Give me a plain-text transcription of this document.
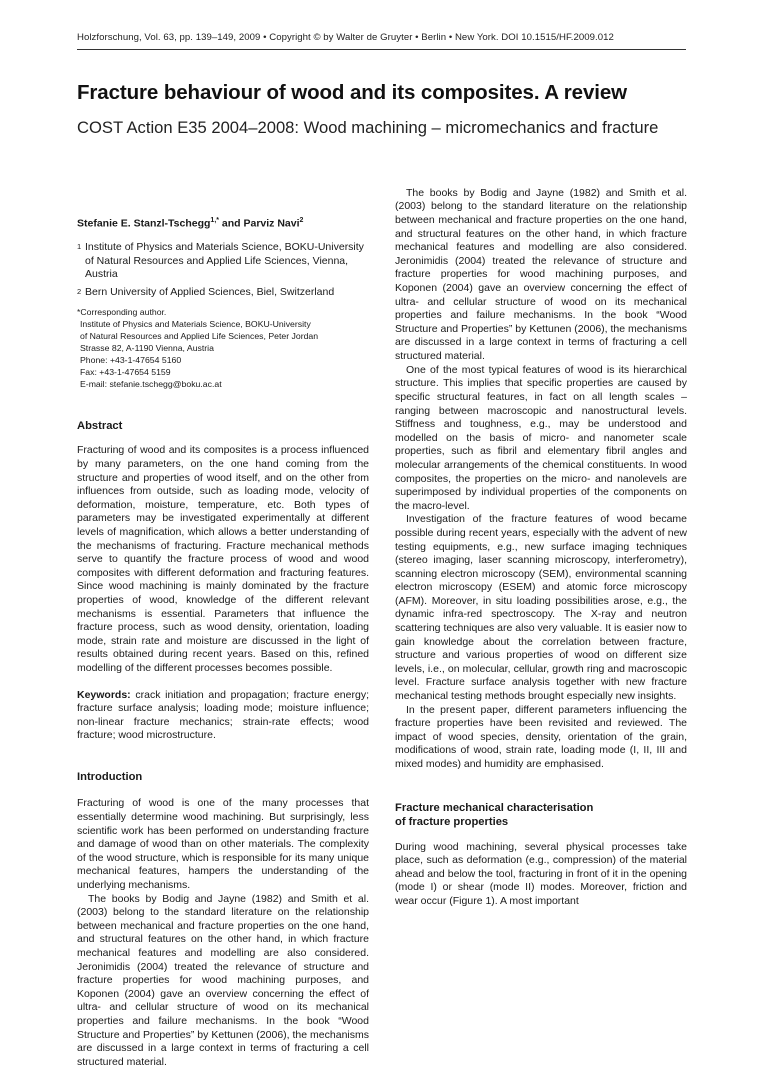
Holzforschung, Vol. 63, pp. 139–149, 2009 • Copyright © by Walter de Gruyter • Berlin • New York. DOI 10.1515/HF.2009.012
Fracture behaviour of wood and its composites. A review
COST Action E35 2004–2008: Wood machining – micromechanics and fracture
Stefanie E. Stanzl-Tschegg$^{1,*}$ and Parviz Navi$^2$
1 Institute of Physics and Materials Science, BOKU-University of Natural Resources and Applied Life Sciences, Vienna, Austria
2 Bern University of Applied Sciences, Biel, Switzerland
*Corresponding author.
Institute of Physics and Materials Science, BOKU-University
of Natural Resources and Applied Life Sciences, Peter Jordan
Strasse 82, A-1190 Vienna, Austria
Phone: +43-1-47654 5160
Fax: +43-1-47654 5159
E-mail: stefanie.tschegg@boku.ac.at
Abstract

Fracturing of wood and its composites is a process influenced by many parameters, on the one hand coming from the structure and properties of wood itself, and on the other from influences from outside, such as loading mode, velocity of deformation, moisture, temperature, etc. Both types of parameters may be investigated experimentally at different levels of magnification, which allows a better understanding of the mechanisms of fracturing. Fracture mechanical methods serve to quantify the fracture process of wood and wood composites with different deformation and fracturing features. Since wood machining is mainly dominated by the fracture properties of wood, knowledge of the different relevant mechanisms is essential. Parameters that influence the fracture process, such as wood density, orientation, loading mode, strain rate and moisture are discussed in the light of results obtained during recent years. Based on this, refined modelling of the different processes becomes possible.

Keywords: crack initiation and propagation; fracture energy; fracture surface analysis; loading mode; moisture influence; non-linear fracture mechanics; strain-rate effects; wood fracture; wood microstructure.

Introduction

Fracturing of wood is one of the many processes that essentially determine wood machining. But surprisingly, less scientific work has been performed on understanding fracture and damage of wood than on other materials. The complexity of the wood structure, which is responsible for its many unique mechanical features, hampers the understanding of the underlying mechanisms.

The books by Bodig and Jayne (1982) and Smith et al. (2003) belong to the standard literature on the relationship between mechanical and fracture properties on the one hand, and structural features on the other hand, in which fracture mechanical features and modelling are also considered. Jeronimidis (2004) treated the relevance of structure and fracture properties for wood machining purposes, and Koponen (2004) gave an overview concerning the effect of ultra- and cellular structure of wood on its mechanical properties and failure mechanisms. In the book “Wood Structure and Properties” by Kettunen (2006), the mechanisms are discussed in a large context in terms of fracturing a cell structured material.

The books by Bodig and Jayne (1982) and Smith et al. (2003) belong to the standard literature on the relationship between mechanical and fracture properties on the one hand, and structural features on the other hand, in which fracture mechanical features and modelling are also considered. Jeronimidis (2004) treated the relevance of structure and fracture properties for wood machining purposes, and Koponen (2004) gave an overview concerning the effect of ultra- and cellular structure of wood on its mechanical properties and failure mechanisms. In the book “Wood Structure and Properties” by Kettunen (2006), the mechanisms are discussed in a large context in terms of fracturing a cell structured material.

One of the most typical features of wood is its hierarchical structure. This implies that specific properties are caused by specific structural features, in fact on all length scales – ranging between macroscopic and nanostructural levels. Stiffness and toughness, e.g., may be understood and modelled on the basis of micro- and nanometer scale properties, such as fibril and elementary fibril angles and molecular arrangements of the chemical constituents. In wood composites, the properties on the micro- and nanolevels are superimposed by individual properties of the components on the macro-level.

Investigation of the fracture features of wood became possible during recent years, especially with the advent of new testing equipments, e.g., new surface imaging techniques (stereo imaging, laser scanning microscopy, interferometry), scanning electron microscopy (SEM), environmental scanning electron microscopy (ESEM) and atomic force microscopy (AFM). Moreover, in situ loading possibilities arose, e.g., the dynamic infra-red spectroscopy. The X-ray and neutron scattering techniques are also very valuable. It is easier now to gain knowledge about the correlation between fracture, structure and various properties of wood on different size levels, i.e., on molecular, cellular, growth ring and macroscopic level. Fracture surface analysis together with new fracture mechanical testing methods brought especially new insights.

In the present paper, different parameters influencing the fracture properties have been revisited and reviewed. The impact of wood species, density, orientation of the grain, modifications of wood, strain rate, loading mode (I, II, III and mixed modes) and humidity are emphasised.

Fracture mechanical characterisation
of fracture properties

During wood machining, several physical processes take place, such as deformation (e.g., compression) of the material ahead and below the tool, fracturing in front of it in the opening (mode I) or shear (mode II) modes. Moreover, friction and wear occur (Figure 1). A most important
